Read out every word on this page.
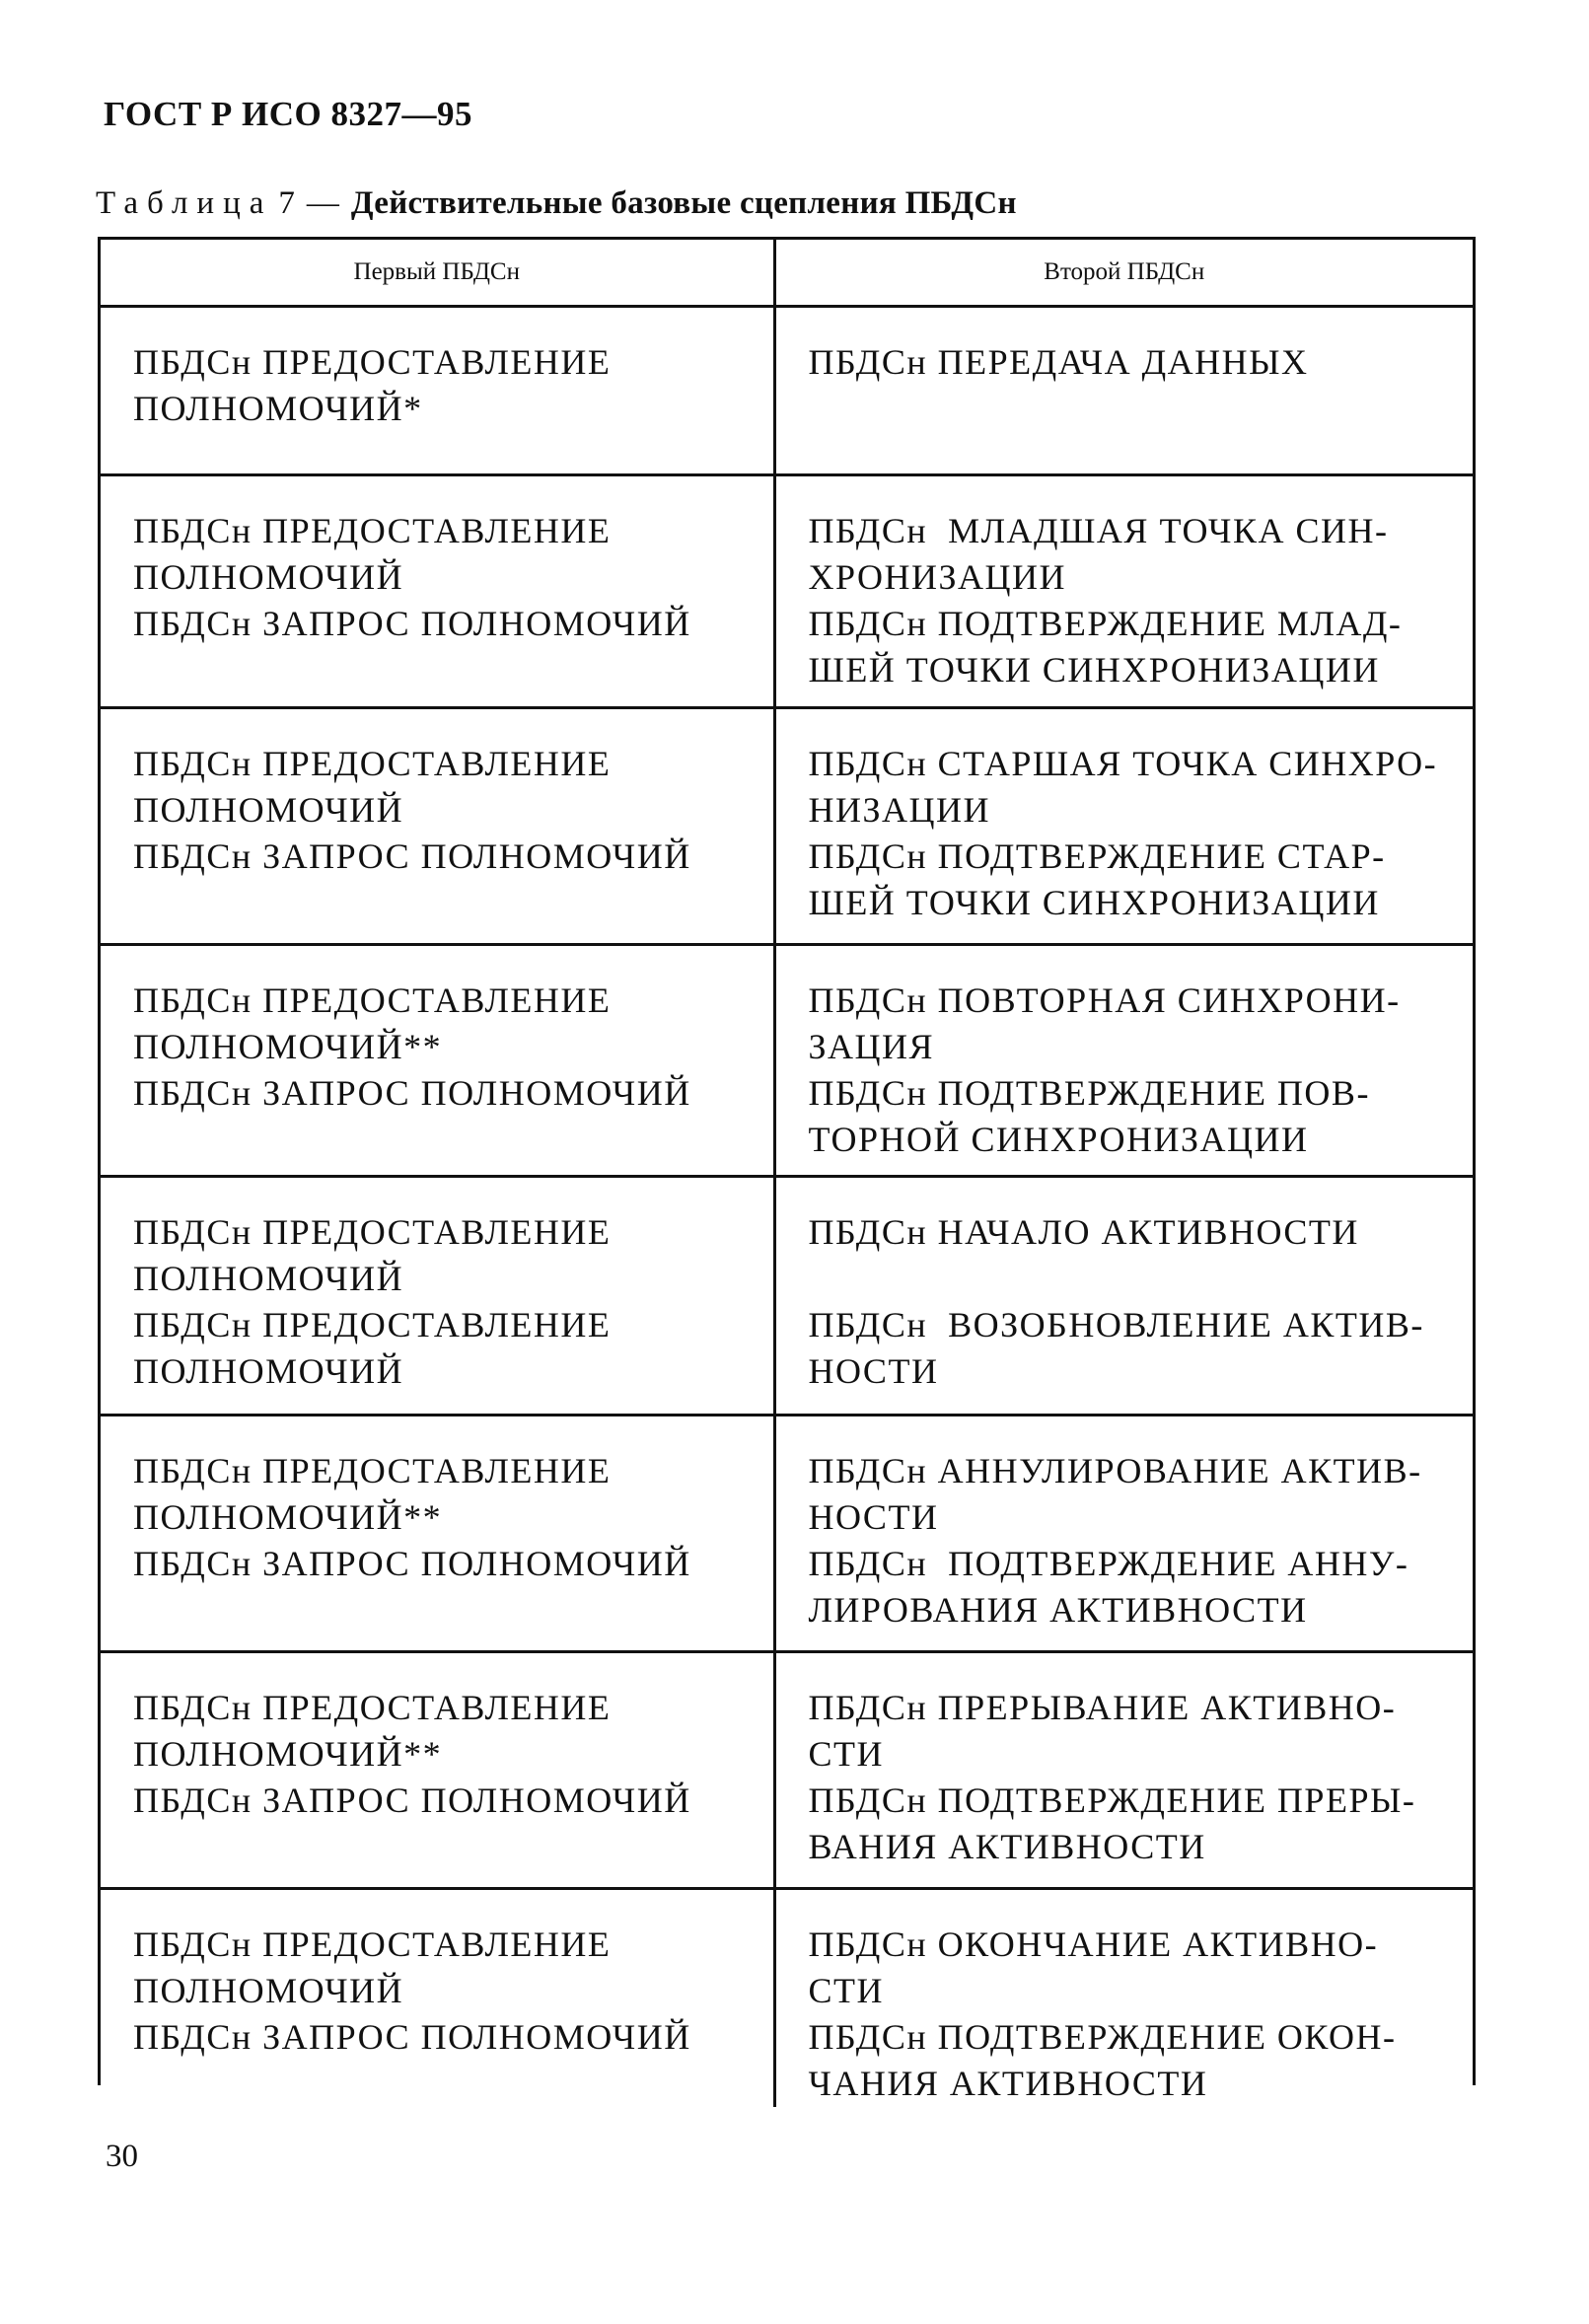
ГОСТ Р ИСО 8327—95
Таблица 7 — Действительные базовые сцепления ПБДСн
Первый ПБДСн	Второй ПБДСн

ПБДСн ПРЕДОСТАВЛЕНИЕ
ПОЛНОМОЧИЙ*	ПБДСн ПЕРЕДАЧА ДАННЫХ

ПБДСн ПРЕДОСТАВЛЕНИЕ
ПОЛНОМОЧИЙ
ПБДСн ЗАПРОС ПОЛНОМОЧИЙ	ПБДСн  МЛАДШАЯ ТОЧКА СИН-
ХРОНИЗАЦИИ
ПБДСн ПОДТВЕРЖДЕНИЕ МЛАД-
ШЕЙ ТОЧКИ СИНХРОНИЗАЦИИ

ПБДСн ПРЕДОСТАВЛЕНИЕ
ПОЛНОМОЧИЙ
ПБДСн ЗАПРОС ПОЛНОМОЧИЙ	ПБДСн СТАРШАЯ ТОЧКА СИНХРО-
НИЗАЦИИ
ПБДСн ПОДТВЕРЖДЕНИЕ СТАР-
ШЕЙ ТОЧКИ СИНХРОНИЗАЦИИ

ПБДСн ПРЕДОСТАВЛЕНИЕ
ПОЛНОМОЧИЙ**
ПБДСн ЗАПРОС ПОЛНОМОЧИЙ	ПБДСн ПОВТОРНАЯ СИНХРОНИ-
ЗАЦИЯ
ПБДСн ПОДТВЕРЖДЕНИЕ ПОВ-
ТОРНОЙ СИНХРОНИЗАЦИИ

ПБДСн ПРЕДОСТАВЛЕНИЕ
ПОЛНОМОЧИЙ
ПБДСн ПРЕДОСТАВЛЕНИЕ
ПОЛНОМОЧИЙ	ПБДСн НАЧАЛО АКТИВНОСТИ
ПБДСн  ВОЗОБНОВЛЕНИЕ АКТИВ-
НОСТИ

ПБДСн ПРЕДОСТАВЛЕНИЕ
ПОЛНОМОЧИЙ**
ПБДСн ЗАПРОС ПОЛНОМОЧИЙ	ПБДСн АННУЛИРОВАНИЕ АКТИВ-
НОСТИ
ПБДСн  ПОДТВЕРЖДЕНИЕ АННУ-
ЛИРОВАНИЯ АКТИВНОСТИ

ПБДСн ПРЕДОСТАВЛЕНИЕ
ПОЛНОМОЧИЙ**
ПБДСн ЗАПРОС ПОЛНОМОЧИЙ	ПБДСн ПРЕРЫВАНИЕ АКТИВНО-
СТИ
ПБДСн ПОДТВЕРЖДЕНИЕ ПРЕРЫ-
ВАНИЯ АКТИВНОСТИ

ПБДСн ПРЕДОСТАВЛЕНИЕ
ПОЛНОМОЧИЙ
ПБДСн ЗАПРОС ПОЛНОМОЧИЙ	ПБДСн ОКОНЧАНИЕ АКТИВНО-
СТИ
ПБДСн ПОДТВЕРЖДЕНИЕ ОКОН-
ЧАНИЯ АКТИВНОСТИ
30
